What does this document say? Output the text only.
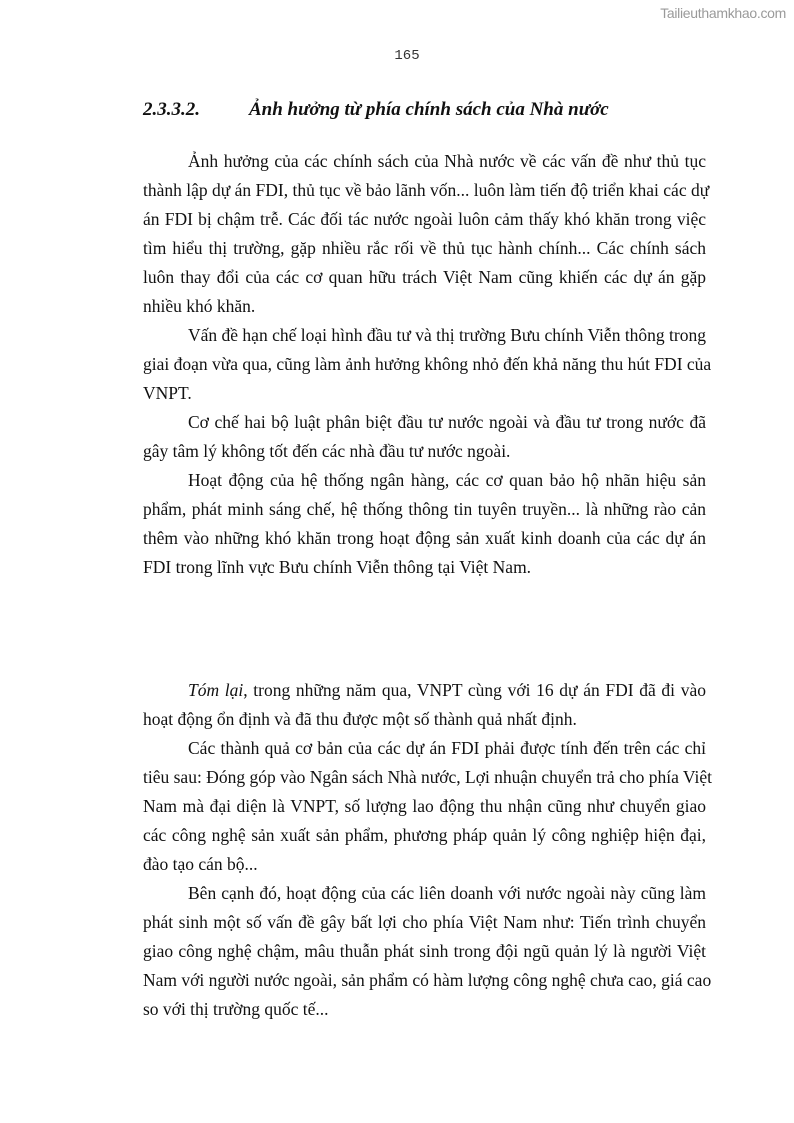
Tailieuthamkhao.com
165
2.3.3.2.	Ảnh hưởng từ phía chính sách của Nhà nước
Ảnh hưởng của các chính sách của Nhà nước về các vấn đề như thủ tục
thành lập dự án FDI, thủ tục về bảo lãnh vốn... luôn làm tiến độ triển khai các dự
án FDI bị chậm trễ. Các đối tác nước ngoài luôn cảm thấy khó khăn trong việc
tìm hiểu thị trường, gặp nhiều rắc rối về thủ tục hành chính... Các chính sách
luôn thay đổi của các cơ quan hữu trách Việt Nam cũng khiến các dự án gặp
nhiều khó khăn.
Vấn đề hạn chế loại hình đầu tư và thị trường Bưu chính Viễn thông trong
giai đoạn vừa qua, cũng làm ảnh hưởng không nhỏ đến khả năng thu hút FDI của
VNPT.
Cơ chế hai bộ luật phân biệt đầu tư nước ngoài và đầu tư trong nước đã
gây tâm lý không tốt đến các nhà đầu tư nước ngoài.
Hoạt động của hệ thống ngân hàng, các cơ quan bảo hộ nhãn hiệu sản
phẩm, phát minh sáng chế, hệ thống thông tin tuyên truyền... là những rào cản
thêm vào những khó khăn trong hoạt động sản xuất kinh doanh của các dự án
FDI trong lĩnh vực Bưu chính Viễn thông tại Việt Nam.
Tóm lại, trong những năm qua, VNPT cùng với 16 dự án FDI đã đi vào
hoạt động ổn định và đã thu được một số thành quả nhất định.
Các thành quả cơ bản của các dự án FDI phải được tính đến trên các chỉ
tiêu sau: Đóng góp vào Ngân sách Nhà nước, Lợi nhuận chuyển trả cho phía Việt
Nam mà đại diện là VNPT, số lượng lao động thu nhận cũng như chuyển giao
các công nghệ sản xuất sản phẩm, phương pháp quản lý công nghiệp hiện đại,
đào tạo cán bộ...
Bên cạnh đó, hoạt động của các liên doanh với nước ngoài này cũng làm
phát sinh một số vấn đề gây bất lợi cho phía Việt Nam như: Tiến trình chuyển
giao công nghệ chậm, mâu thuẫn phát sinh trong đội ngũ quản lý là người Việt
Nam với người nước ngoài, sản phẩm có hàm lượng công nghệ chưa cao, giá cao
so với thị trường quốc tế...
